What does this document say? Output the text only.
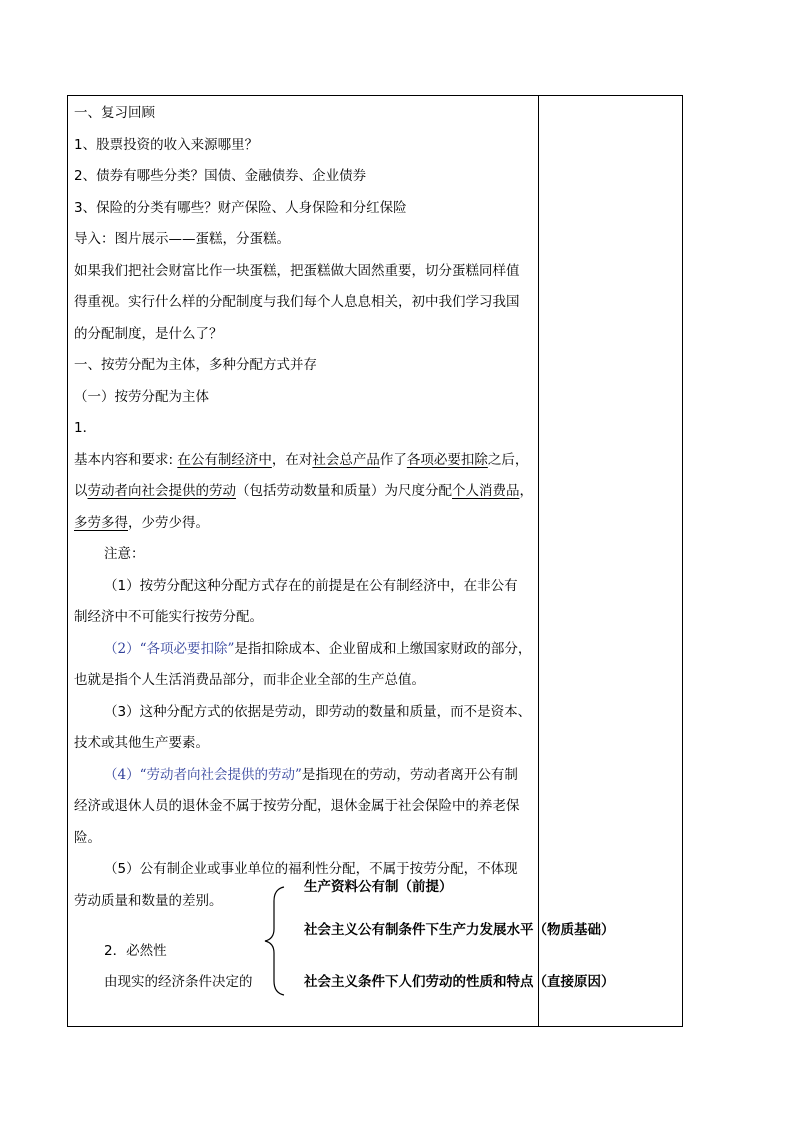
一、复习回顾
1、股票投资的收入来源哪里？
2、债券有哪些分类？国债、金融债券、企业债券
3、保险的分类有哪些？财产保险、人身保险和分红保险
导入：图片展示——蛋糕，分蛋糕。
如果我们把社会财富比作一块蛋糕，把蛋糕做大固然重要，切分蛋糕同样值
得重视。实行什么样的分配制度与我们每个人息息相关，初中我们学习我国
的分配制度，是什么了？
一、按劳分配为主体，多种分配方式并存
（一）按劳分配为主体
1．
基本内容和要求: 在公有制经济中，在对社会总产品作了各项必要扣除之后，
以劳动者向社会提供的劳动（包括劳动数量和质量）为尺度分配个人消费品，
多劳多得，少劳少得。
注意：
（1）按劳分配这种分配方式存在的前提是在公有制经济中，在非公有
制经济中不可能实行按劳分配。
（2）“各项必要扣除”是指扣除成本、企业留成和上缴国家财政的部分，
也就是指个人生活消费品部分，而非企业全部的生产总值。
（3）这种分配方式的依据是劳动，即劳动的数量和质量，而不是资本、
技术或其他生产要素。
（4）“劳动者向社会提供的劳动”是指现在的劳动，劳动者离开公有制
经济或退休人员的退休金不属于按劳分配，退休金属于社会保险中的养老保
险。
（5）公有制企业或事业单位的福利性分配，不属于按劳分配，不体现
劳动质量和数量的差别。
2．必然性
由现实的经济条件决定的
生产资料公有制（前提）
社会主义公有制条件下生产力发展水平（物质基础）
社会主义条件下人们劳动的性质和特点（直接原因）
